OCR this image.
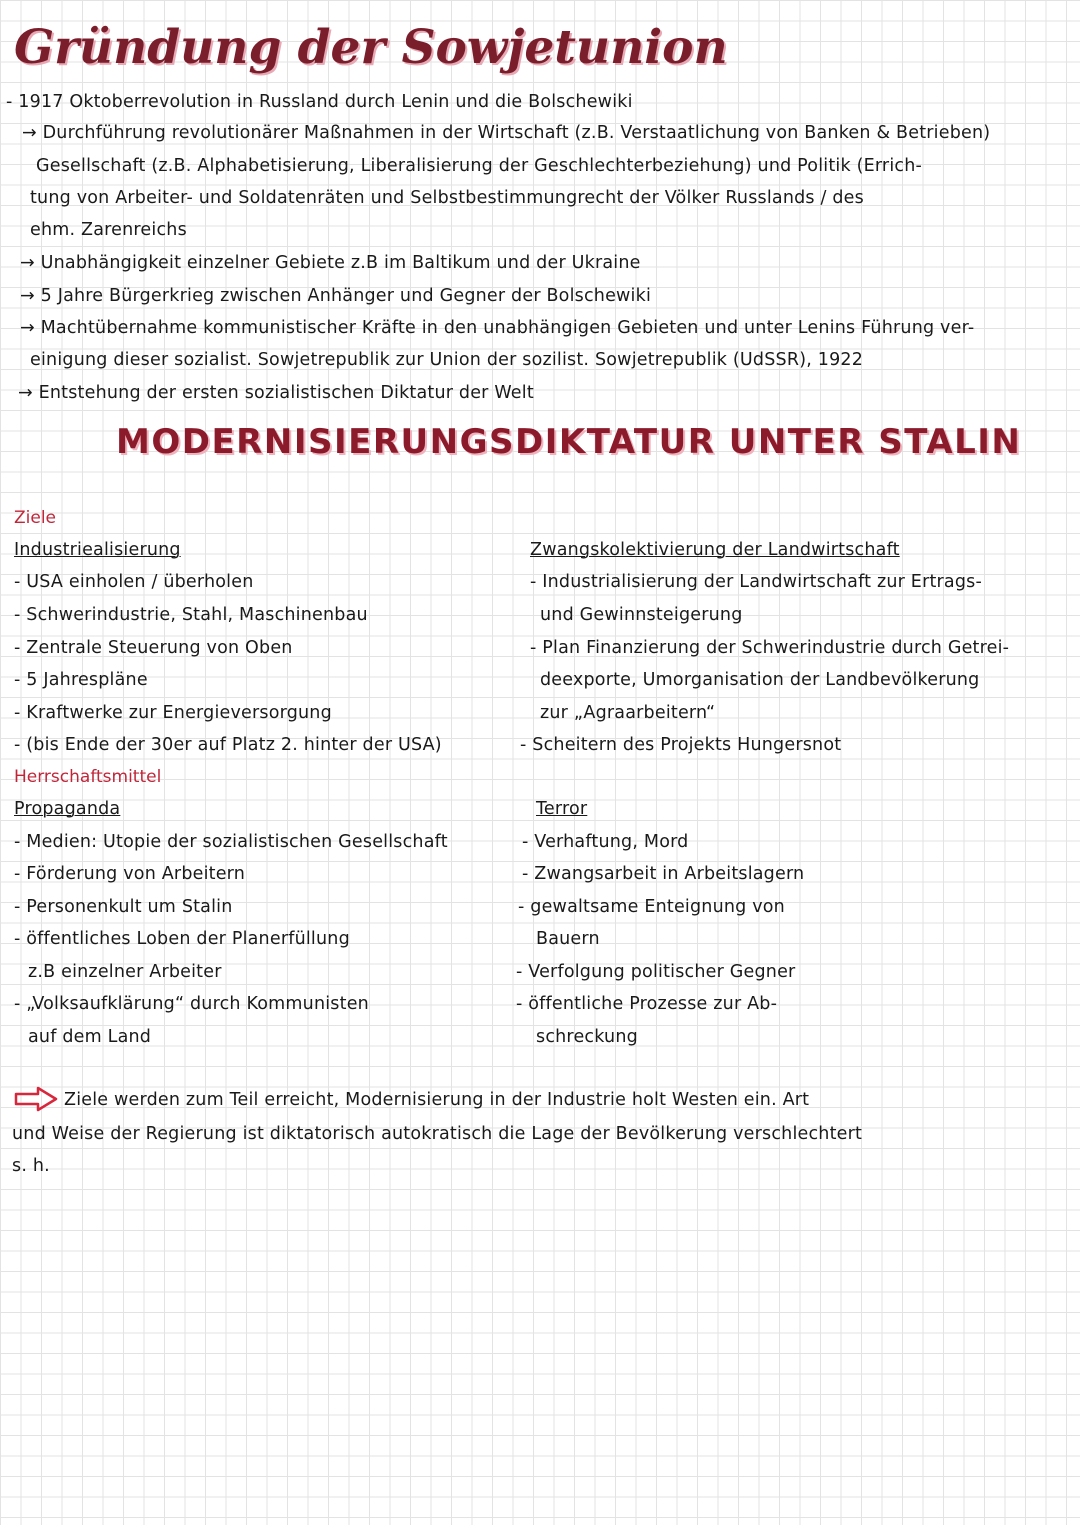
Gründung der Sowjetunion

- 1917 Oktoberrevolution in Russland durch Lenin und die Bolschewiki

→ Durchführung revolutionärer Maßnahmen in der Wirtschaft (z.B. Verstaatlichung von Banken & Betrieben)

Gesellschaft (z.B. Alphabetisierung, Liberalisierung der Geschlechterbeziehung) und Politik (Errich-

tung von Arbeiter- und Soldatenräten und Selbstbestimmungrecht der Völker Russlands / des

ehm. Zarenreichs

→ Unabhängigkeit einzelner Gebiete z.B im Baltikum und der Ukraine

→ 5 Jahre Bürgerkrieg zwischen Anhänger und Gegner der Bolschewiki

→ Machtübernahme kommunistischer Kräfte in den unabhängigen Gebieten und unter Lenins Führung ver-

einigung dieser sozialist. Sowjetrepublik zur Union der sozilist. Sowjetrepublik (UdSSR), 1922

→ Entstehung der ersten sozialistischen Diktatur der Welt

MODERNISIERUNGSDIKTATUR UNTER STALIN

Ziele

Industriealisierung

- USA einholen / überholen

- Schwerindustrie, Stahl, Maschinenbau

- Zentrale Steuerung von Oben

- 5 Jahrespläne

- Kraftwerke zur Energieversorgung

- (bis Ende der 30er auf Platz 2. hinter der USA)

Zwangskolektivierung der Landwirtschaft

- Industrialisierung der Landwirtschaft zur Ertrags-

und Gewinnsteigerung

- Plan Finanzierung der Schwerindustrie durch Getrei-

deexporte, Umorganisation der Landbevölkerung

zur „Agraarbeitern“

- Scheitern des Projekts Hungersnot

Herrschaftsmittel

Propaganda

- Medien: Utopie der sozialistischen Gesellschaft

- Förderung von Arbeitern

- Personenkult um Stalin

- öffentliches Loben der Planerfüllung

z.B einzelner Arbeiter

- „Volksaufklärung“ durch Kommunisten

auf dem Land

Terror

- Verhaftung, Mord

- Zwangsarbeit in Arbeitslagern

- gewaltsame Enteignung von

Bauern

- Verfolgung politischer Gegner

- öffentliche Prozesse zur Ab-

schreckung

Ziele werden zum Teil erreicht, Modernisierung in der Industrie holt Westen ein. Art

und Weise der Regierung ist diktatorisch autokratisch die Lage der Bevölkerung verschlechtert

s. h.
